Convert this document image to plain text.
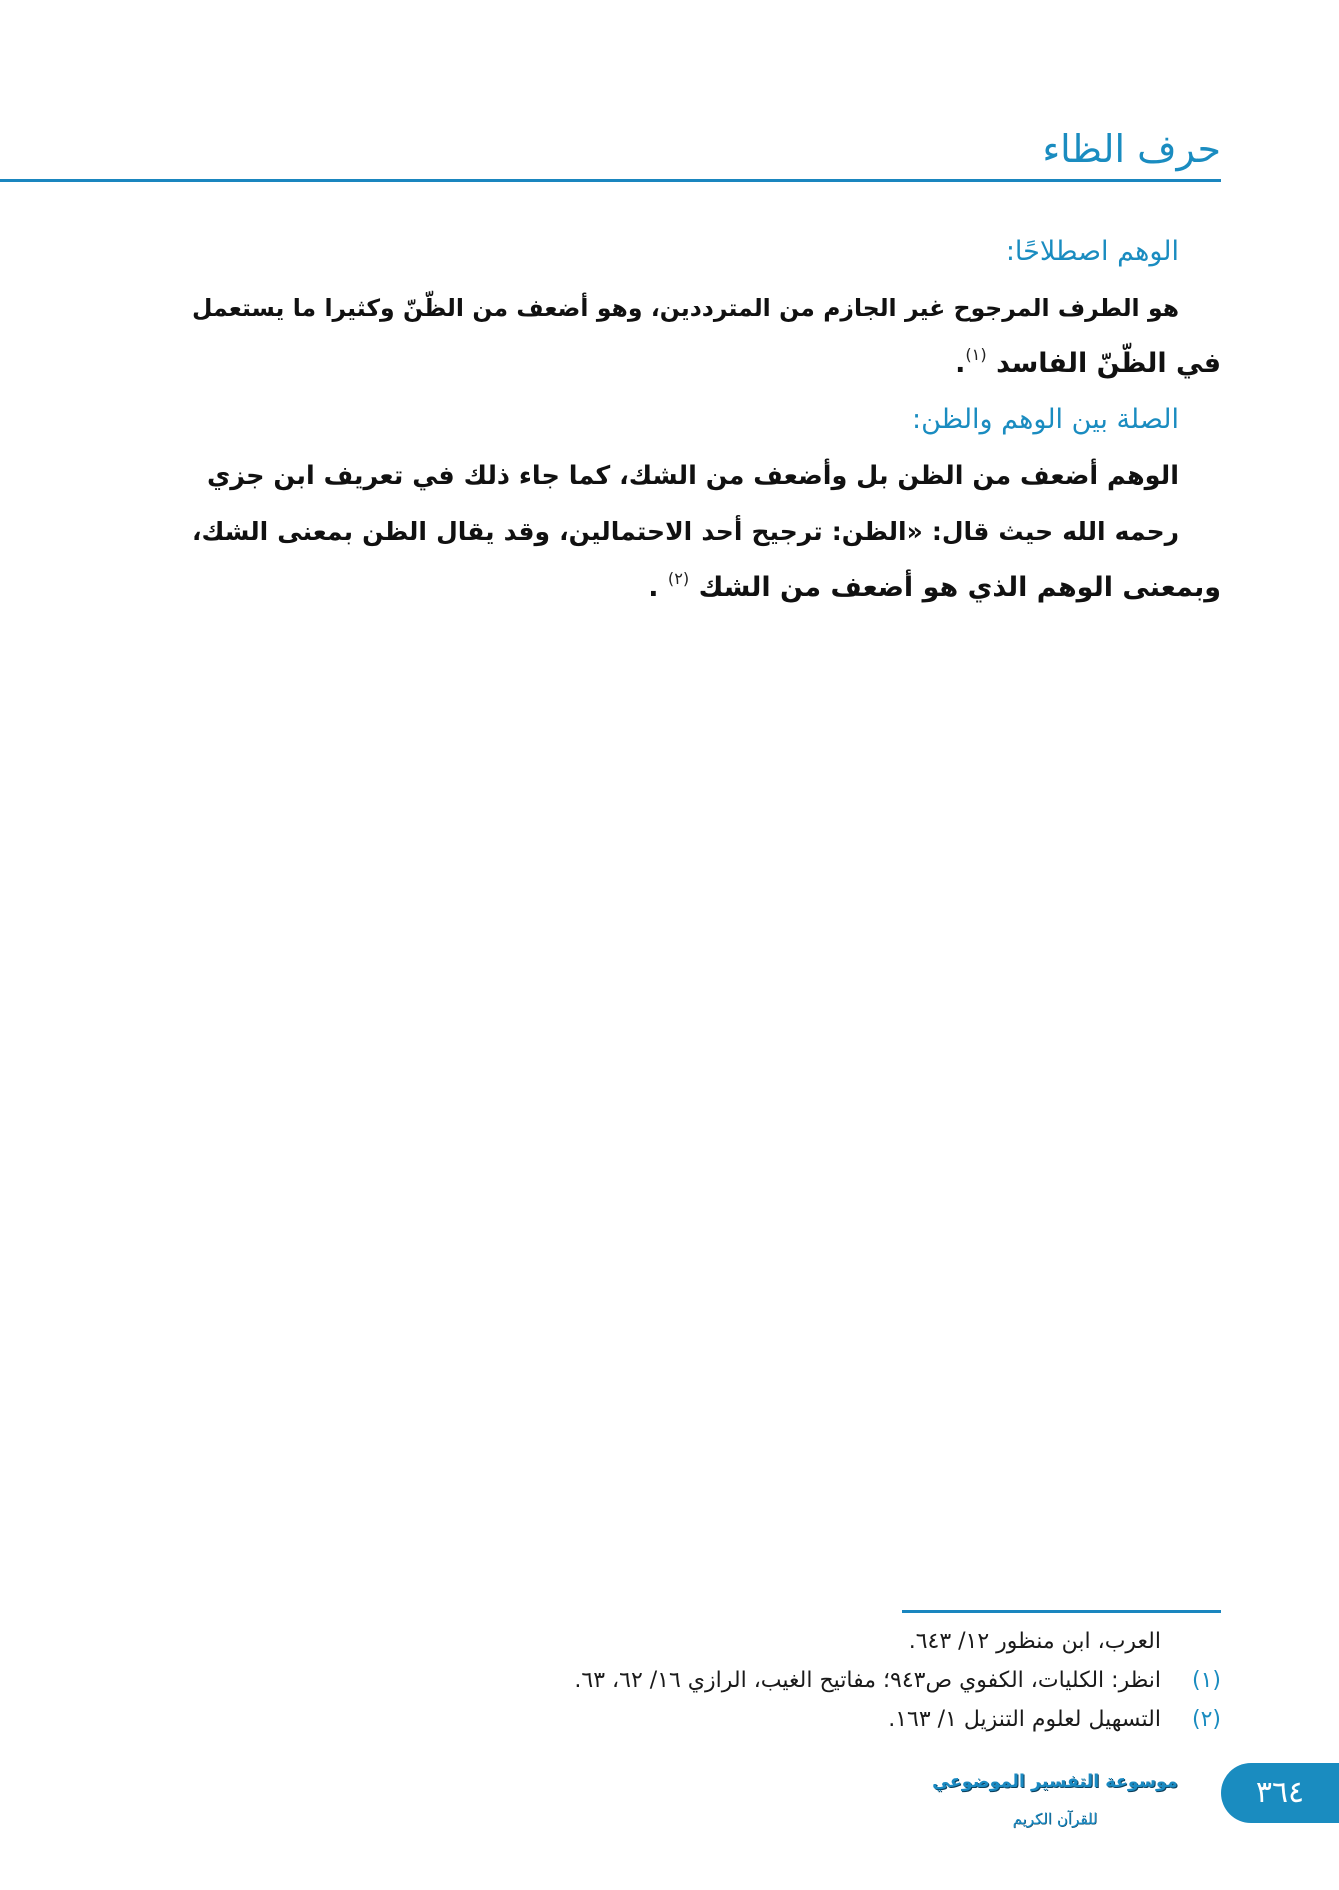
حرف الظاء
الوهم اصطلاحًا:
هو الطرف المرجوح غير الجازم من المترددين، وهو أضعف من الظّنّ وكثيرا ما يستعمل
في الظّنّ الفاسد $^{(١)}$.
الصلة بين الوهم والظن:
الوهم أضعف من الظن بل وأضعف من الشك، كما جاء ذلك في تعريف ابن جزي
رحمه الله حيث قال: «الظن: ترجيح أحد الاحتمالين، وقد يقال الظن بمعنى الشك،
وبمعنى الوهم الذي هو أضعف من الشك $^{(٢)}$ .
العرب، ابن منظور ١٢/ ٦٤٣.
(١)انظر: الكليات، الكفوي ص٩٤٣؛ مفاتيح الغيب، الرازي ١٦/ ٦٢، ٦٣.
(٢)التسهيل لعلوم التنزيل ١/ ١٦٣.
موسوعة التفسير الموضوعي
للقرآن الكريم
٣٦٤
